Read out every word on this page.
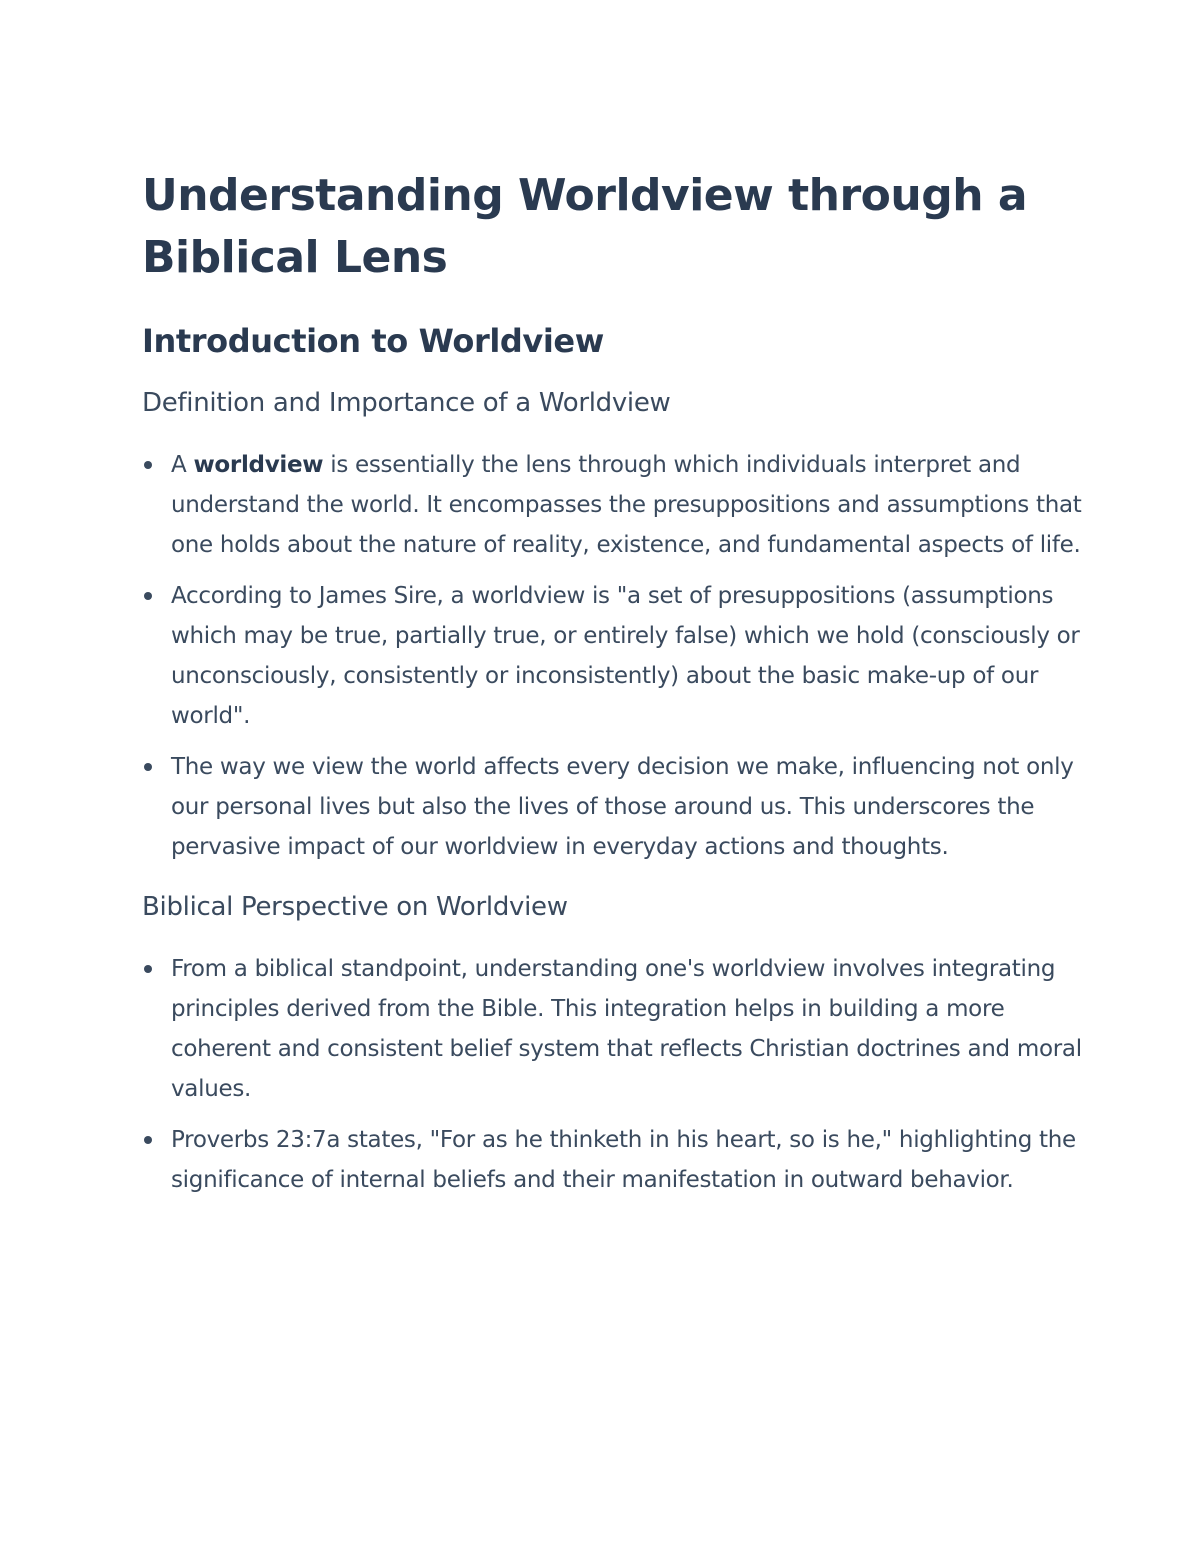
Understanding Worldview through a Biblical Lens
Introduction to Worldview
Definition and Importance of a Worldview
A worldview is essentially the lens through which individuals interpret and understand the world. It encompasses the presuppositions and assumptions that one holds about the nature of reality, existence, and fundamental aspects of life.
According to James Sire, a worldview is "a set of presuppositions (assumptions which may be true, partially true, or entirely false) which we hold (consciously or unconsciously, consistently or inconsistently) about the basic make-up of our world".
The way we view the world affects every decision we make, influencing not only our personal lives but also the lives of those around us. This underscores the pervasive impact of our worldview in everyday actions and thoughts.
Biblical Perspective on Worldview
From a biblical standpoint, understanding one's worldview involves integrating principles derived from the Bible. This integration helps in building a more coherent and consistent belief system that reflects Christian doctrines and moral values.
Proverbs 23:7a states, "For as he thinketh in his heart, so is he," highlighting the significance of internal beliefs and their manifestation in outward behavior.
